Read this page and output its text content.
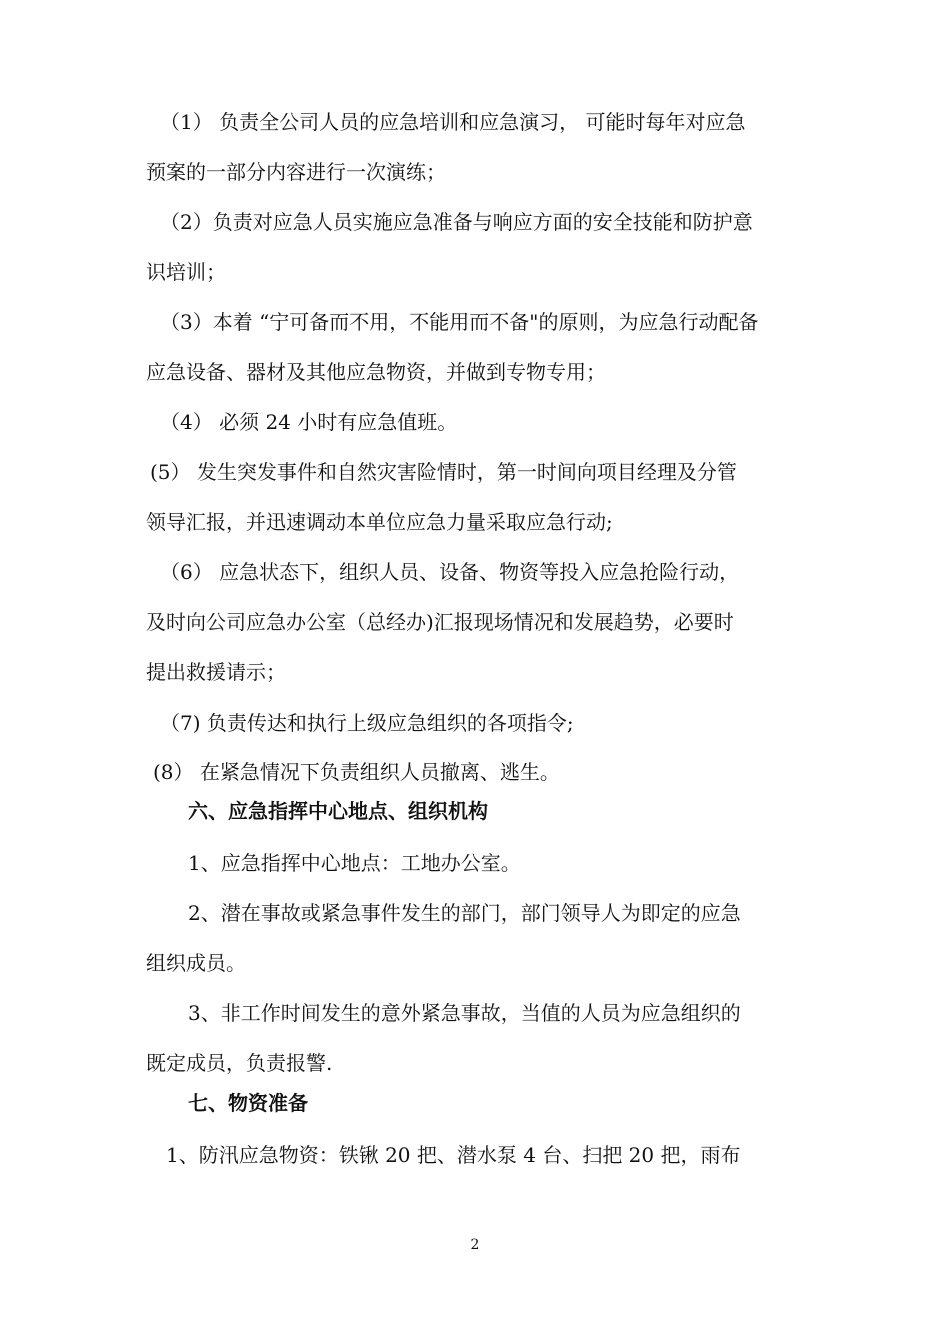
（1） 负责全公司人员的应急培训和应急演习， 可能时每年对应急
预案的一部分内容进行一次演练；
（2）负责对应急人员实施应急准备与响应方面的安全技能和防护意
识培训；
（3）本着 “宁可备而不用，不能用而不备"的原则，为应急行动配备
应急设备、器材及其他应急物资，并做到专物专用；
（4） 必须 24 小时有应急值班。
(5） 发生突发事件和自然灾害险情时，第一时间向项目经理及分管
领导汇报，并迅速调动本单位应急力量采取应急行动;
（6） 应急状态下，组织人员、设备、物资等投入应急抢险行动，
及时向公司应急办公室（总经办)汇报现场情况和发展趋势，必要时
提出救援请示；
（7) 负责传达和执行上级应急组织的各项指令;
(8） 在紧急情况下负责组织人员撤离、逃生。
六、应急指挥中心地点、组织机构
1、应急指挥中心地点：工地办公室。
2、潜在事故或紧急事件发生的部门，部门领导人为即定的应急
组织成员。
3、非工作时间发生的意外紧急事故，当值的人员为应急组织的
既定成员，负责报警.
七、物资准备
1、防汛应急物资：铁锹 20 把、潜水泵 4 台、扫把 20 把，雨布
2
